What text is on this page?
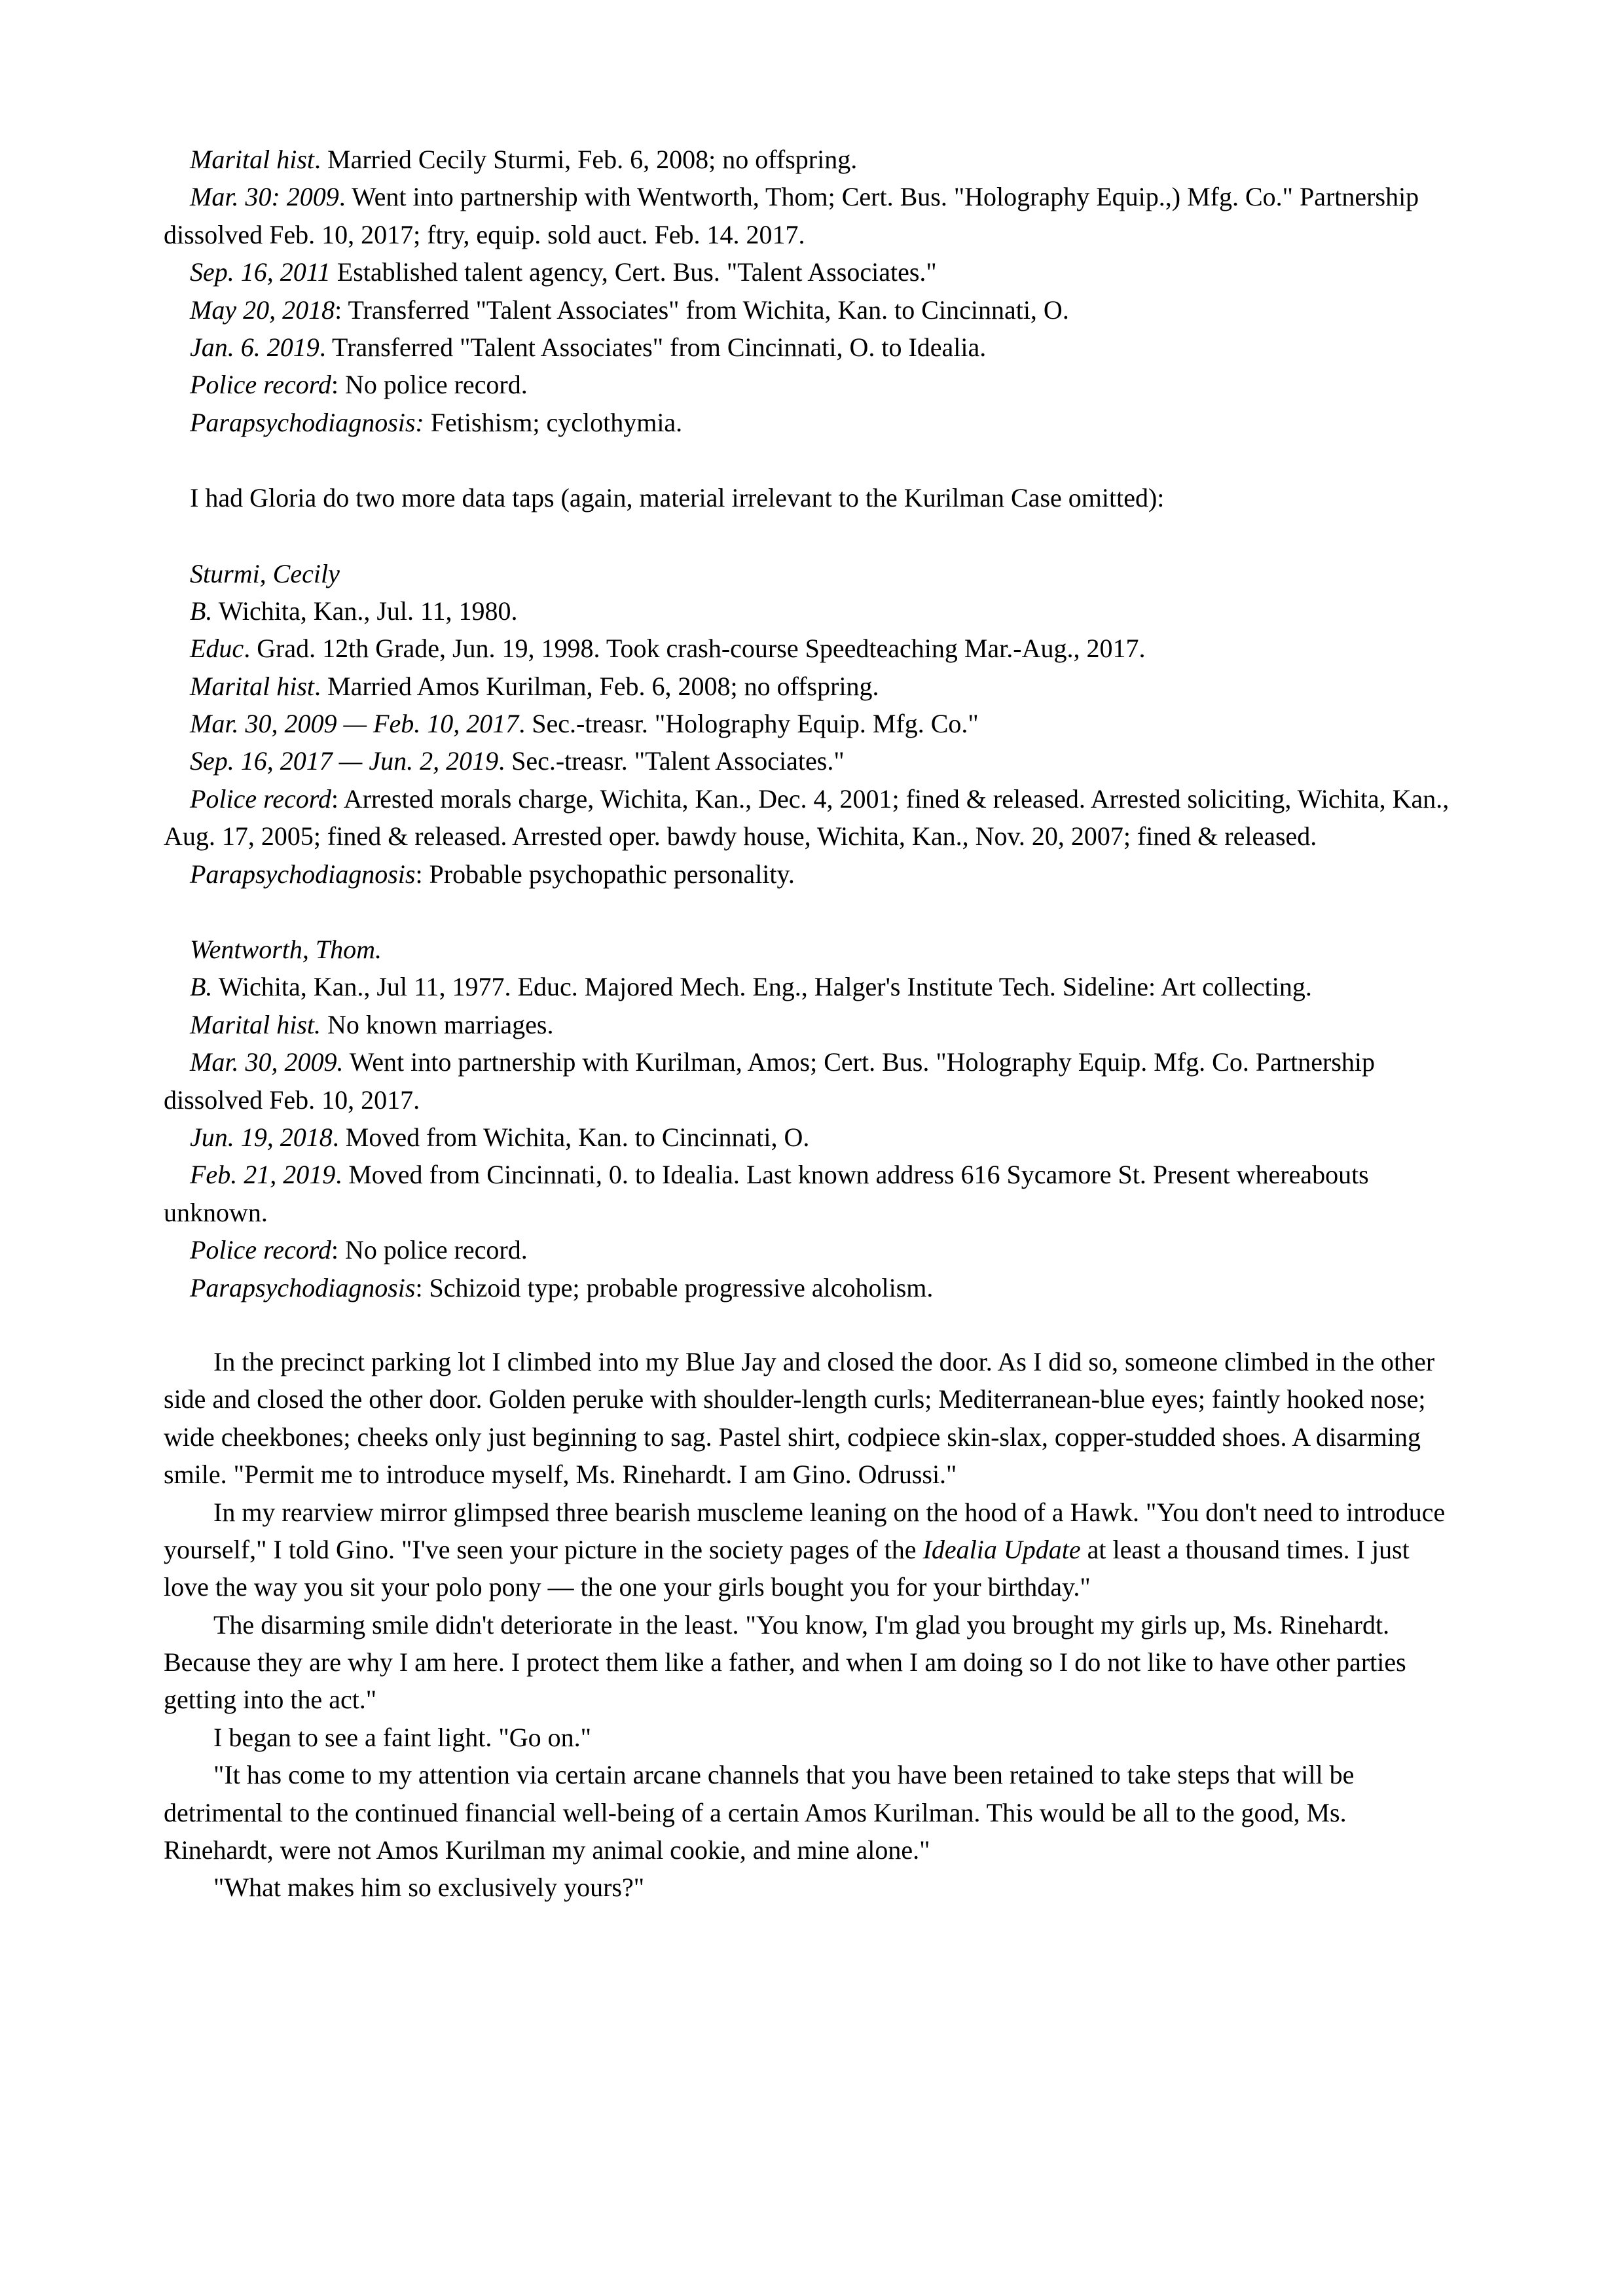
Marital hist. Married Cecily Sturmi, Feb. 6, 2008; no offspring.

Mar. 30: 2009. Went into partnership with Wentworth, Thom; Cert. Bus. "Holography Equip.,) Mfg. Co." Partnership dissolved Feb. 10, 2017; ftry, equip. sold auct. Feb. 14. 2017.

Sep. 16, 2011 Established talent agency, Cert. Bus. "Talent Associates."

May 20, 2018: Transferred "Talent Associates" from Wichita, Kan. to Cincinnati, O.

Jan. 6. 2019. Transferred "Talent Associates" from Cincinnati, O. to Idealia.

Police record: No police record.

Parapsychodiagnosis: Fetishism; cyclothymia.

I had Gloria do two more data taps (again, material irrelevant to the Kurilman Case omitted):

Sturmi, Cecily

B. Wichita, Kan., Jul. 11, 1980.

Educ. Grad. 12th Grade, Jun. 19, 1998. Took crash-course Speedteaching Mar.-Aug., 2017.

Marital hist. Married Amos Kurilman, Feb. 6, 2008; no offspring.

Mar. 30, 2009 — Feb. 10, 2017. Sec.-treasr. "Holography Equip. Mfg. Co."

Sep. 16, 2017 — Jun. 2, 2019. Sec.-treasr. "Talent Associates."

Police record: Arrested morals charge, Wichita, Kan., Dec. 4, 2001; fined & released. Arrested soliciting, Wichita, Kan., Aug. 17, 2005; fined & released. Arrested oper. bawdy house, Wichita, Kan., Nov. 20, 2007; fined & released.

Parapsychodiagnosis: Probable psychopathic personality.

Wentworth, Thom.

B. Wichita, Kan., Jul 11, 1977. Educ. Majored Mech. Eng., Halger's Institute Tech. Sideline: Art collecting.

Marital hist. No known marriages.

Mar. 30, 2009. Went into partnership with Kurilman, Amos; Cert. Bus. "Holography Equip. Mfg. Co. Partnership dissolved Feb. 10, 2017.

Jun. 19, 2018. Moved from Wichita, Kan. to Cincinnati, O.

Feb. 21, 2019. Moved from Cincinnati, 0. to Idealia. Last known address 616 Sycamore St. Present whereabouts unknown.

Police record: No police record.

Parapsychodiagnosis: Schizoid type; probable progressive alcoholism.

In the precinct parking lot I climbed into my Blue Jay and closed the door. As I did so, someone climbed in the other side and closed the other door. Golden peruke with shoulder-length curls; Mediterranean-blue eyes; faintly hooked nose; wide cheekbones; cheeks only just beginning to sag. Pastel shirt, codpiece skin-slax, copper-studded shoes. A disarming smile. "Permit me to introduce myself, Ms. Rinehardt. I am Gino. Odrussi."

In my rearview mirror glimpsed three bearish muscleme leaning on the hood of a Hawk. "You don't need to introduce yourself," I told Gino. "I've seen your picture in the society pages of the Idealia Update at least a thousand times. I just love the way you sit your polo pony — the one your girls bought you for your birthday."

The disarming smile didn't deteriorate in the least. "You know, I'm glad you brought my girls up, Ms. Rinehardt. Because they are why I am here. I protect them like a father, and when I am doing so I do not like to have other parties getting into the act."

I began to see a faint light. "Go on."

"It has come to my attention via certain arcane channels that you have been retained to take steps that will be detrimental to the continued financial well-being of a certain Amos Kurilman. This would be all to the good, Ms. Rinehardt, were not Amos Kurilman my animal cookie, and mine alone."

"What makes him so exclusively yours?"
